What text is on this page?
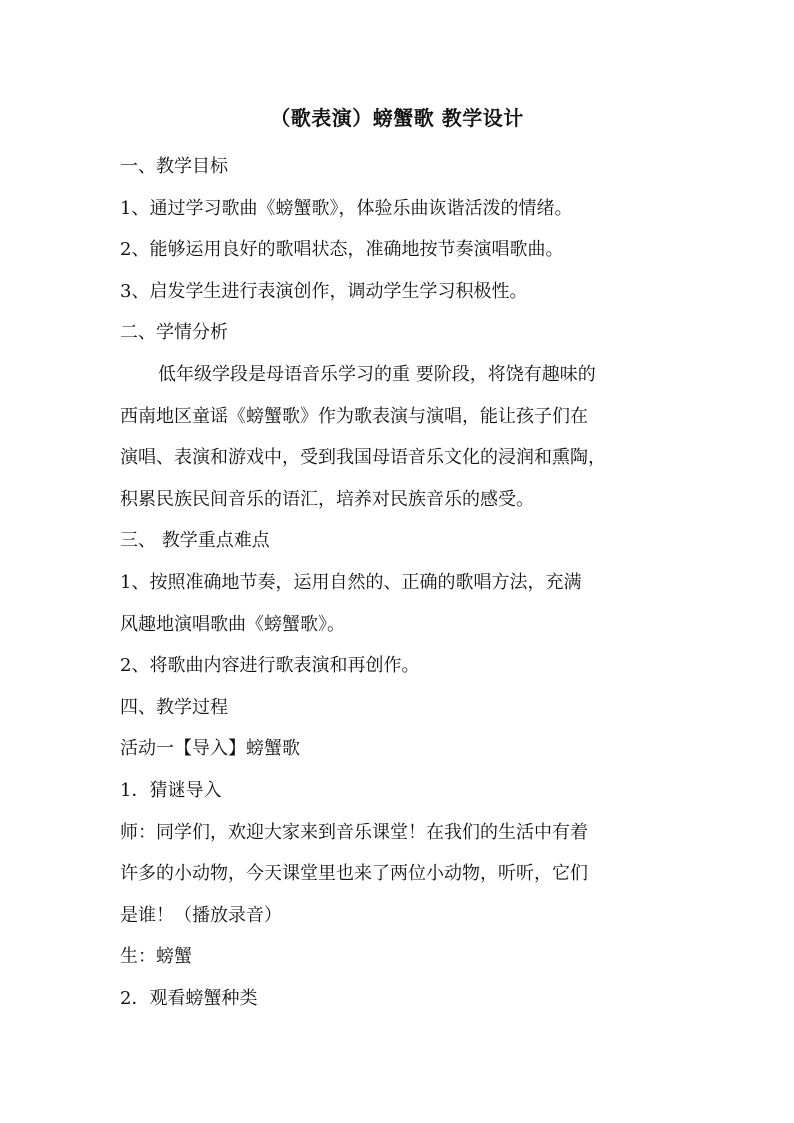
（歌表演）螃蟹歌 教学设计
一、教学目标
1、通过学习歌曲《螃蟹歌》，体验乐曲诙谐活泼的情绪。
2、能够运用良好的歌唱状态，准确地按节奏演唱歌曲。
3、启发学生进行表演创作，调动学生学习积极性。
二、学情分析
低年级学段是母语音乐学习的重 要阶段，将饶有趣味的
西南地区童谣《螃蟹歌》作为歌表演与演唱，能让孩子们在
演唱、表演和游戏中，受到我国母语音乐文化的浸润和熏陶，
积累民族民间音乐的语汇，培养对民族音乐的感受。
三、 教学重点难点
1、按照准确地节奏，运用自然的、正确的歌唱方法，充满
风趣地演唱歌曲《螃蟹歌》。
2、将歌曲内容进行歌表演和再创作。
四、教学过程
活动一【导入】螃蟹歌
1．猜谜导入
师：同学们，欢迎大家来到音乐课堂！在我们的生活中有着
许多的小动物，今天课堂里也来了两位小动物，听听，它们
是谁！（播放录音）
生：螃蟹
2．观看螃蟹种类
